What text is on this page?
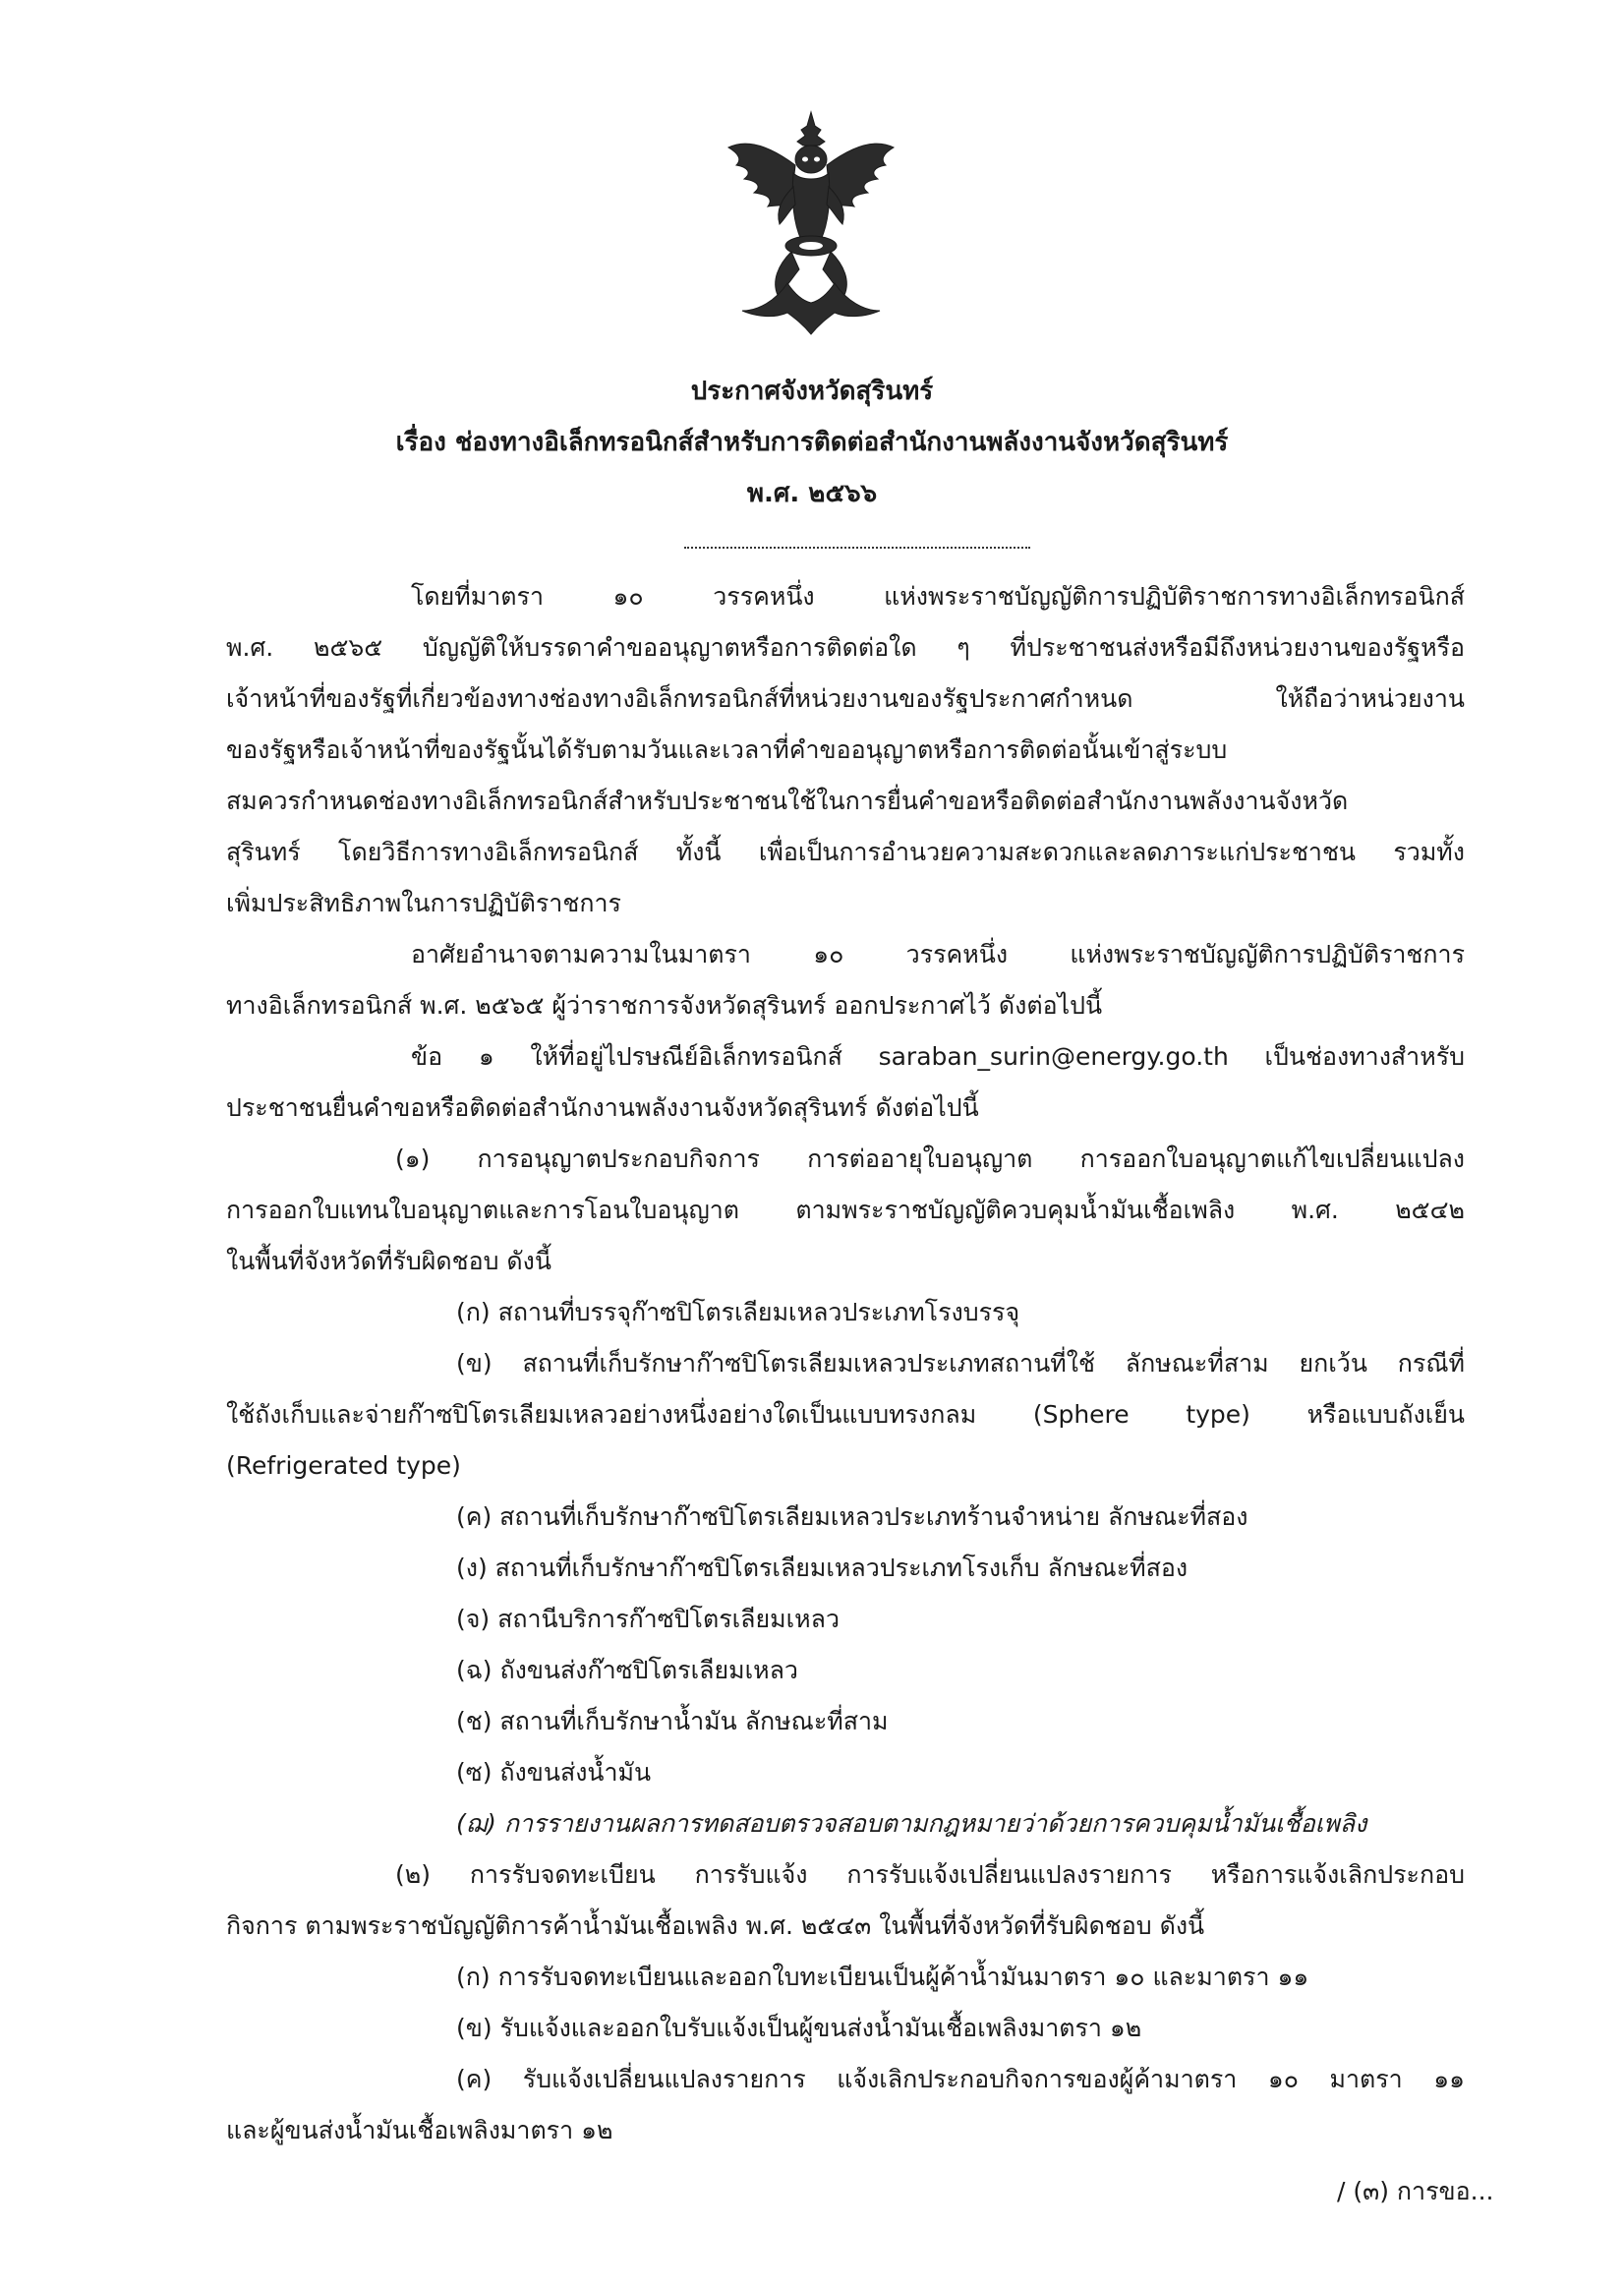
ประกาศจังหวัดสุรินทร์
เรื่อง ช่องทางอิเล็กทรอนิกส์สำหรับการติดต่อสำนักงานพลังงานจังหวัดสุรินทร์
พ.ศ. ๒๕๖๖
โดยที่มาตรา ๑๐ วรรคหนึ่ง แห่งพระราชบัญญัติการปฏิบัติราชการทางอิเล็กทรอนิกส์
พ.ศ. ๒๕๖๕ บัญญัติให้บรรดาคำขออนุญาตหรือการติดต่อใด ๆ ที่ประชาชนส่งหรือมีถึงหน่วยงานของรัฐหรือ
เจ้าหน้าที่ของรัฐที่เกี่ยวข้องทางช่องทางอิเล็กทรอนิกส์ที่หน่วยงานของรัฐประกาศกำหนด ให้ถือว่าหน่วยงาน
ของรัฐหรือเจ้าหน้าที่ของรัฐนั้นได้รับตามวันและเวลาที่คำขออนุญาตหรือการติดต่อนั้นเข้าสู่ระบบ
สมควรกำหนดช่องทางอิเล็กทรอนิกส์สำหรับประชาชนใช้ในการยื่นคำขอหรือติดต่อสำนักงานพลังงานจังหวัด
สุรินทร์ โดยวิธีการทางอิเล็กทรอนิกส์ ทั้งนี้ เพื่อเป็นการอำนวยความสะดวกและลดภาระแก่ประชาชน รวมทั้ง
เพิ่มประสิทธิภาพในการปฏิบัติราชการ
อาศัยอำนาจตามความในมาตรา ๑๐ วรรคหนึ่ง แห่งพระราชบัญญัติการปฏิบัติราชการ
ทางอิเล็กทรอนิกส์ พ.ศ. ๒๕๖๕ ผู้ว่าราชการจังหวัดสุรินทร์ ออกประกาศไว้ ดังต่อไปนี้
ข้อ ๑ ให้ที่อยู่ไปรษณีย์อิเล็กทรอนิกส์ saraban_surin@energy.go.th เป็นช่องทางสำหรับ
ประชาชนยื่นคำขอหรือติดต่อสำนักงานพลังงานจังหวัดสุรินทร์ ดังต่อไปนี้
(๑) การอนุญาตประกอบกิจการ การต่ออายุใบอนุญาต การออกใบอนุญาตแก้ไขเปลี่ยนแปลง
การออกใบแทนใบอนุญาตและการโอนใบอนุญาต ตามพระราชบัญญัติควบคุมน้ำมันเชื้อเพลิง พ.ศ. ๒๕๔๒
ในพื้นที่จังหวัดที่รับผิดชอบ ดังนี้
(ก) สถานที่บรรจุก๊าซปิโตรเลียมเหลวประเภทโรงบรรจุ
(ข) สถานที่เก็บรักษาก๊าซปิโตรเลียมเหลวประเภทสถานที่ใช้ ลักษณะที่สาม ยกเว้น กรณีที่
ใช้ถังเก็บและจ่ายก๊าซปิโตรเลียมเหลวอย่างหนึ่งอย่างใดเป็นแบบทรงกลม (Sphere type) หรือแบบถังเย็น
(Refrigerated type)
(ค) สถานที่เก็บรักษาก๊าซปิโตรเลียมเหลวประเภทร้านจำหน่าย ลักษณะที่สอง
(ง) สถานที่เก็บรักษาก๊าซปิโตรเลียมเหลวประเภทโรงเก็บ ลักษณะที่สอง
(จ) สถานีบริการก๊าซปิโตรเลียมเหลว
(ฉ) ถังขนส่งก๊าซปิโตรเลียมเหลว
(ช) สถานที่เก็บรักษาน้ำมัน ลักษณะที่สาม
(ซ) ถังขนส่งน้ำมัน
(ฌ) การรายงานผลการทดสอบตรวจสอบตามกฎหมายว่าด้วยการควบคุมน้ำมันเชื้อเพลิง
(๒) การรับจดทะเบียน การรับแจ้ง การรับแจ้งเปลี่ยนแปลงรายการ หรือการแจ้งเลิกประกอบ
กิจการ ตามพระราชบัญญัติการค้าน้ำมันเชื้อเพลิง พ.ศ. ๒๕๔๓ ในพื้นที่จังหวัดที่รับผิดชอบ ดังนี้
(ก) การรับจดทะเบียนและออกใบทะเบียนเป็นผู้ค้าน้ำมันมาตรา ๑๐ และมาตรา ๑๑
(ข) รับแจ้งและออกใบรับแจ้งเป็นผู้ขนส่งน้ำมันเชื้อเพลิงมาตรา ๑๒
(ค) รับแจ้งเปลี่ยนแปลงรายการ แจ้งเลิกประกอบกิจการของผู้ค้ามาตรา ๑๐ มาตรา ๑๑
และผู้ขนส่งน้ำมันเชื้อเพลิงมาตรา ๑๒
/ (๓) การขอ...
